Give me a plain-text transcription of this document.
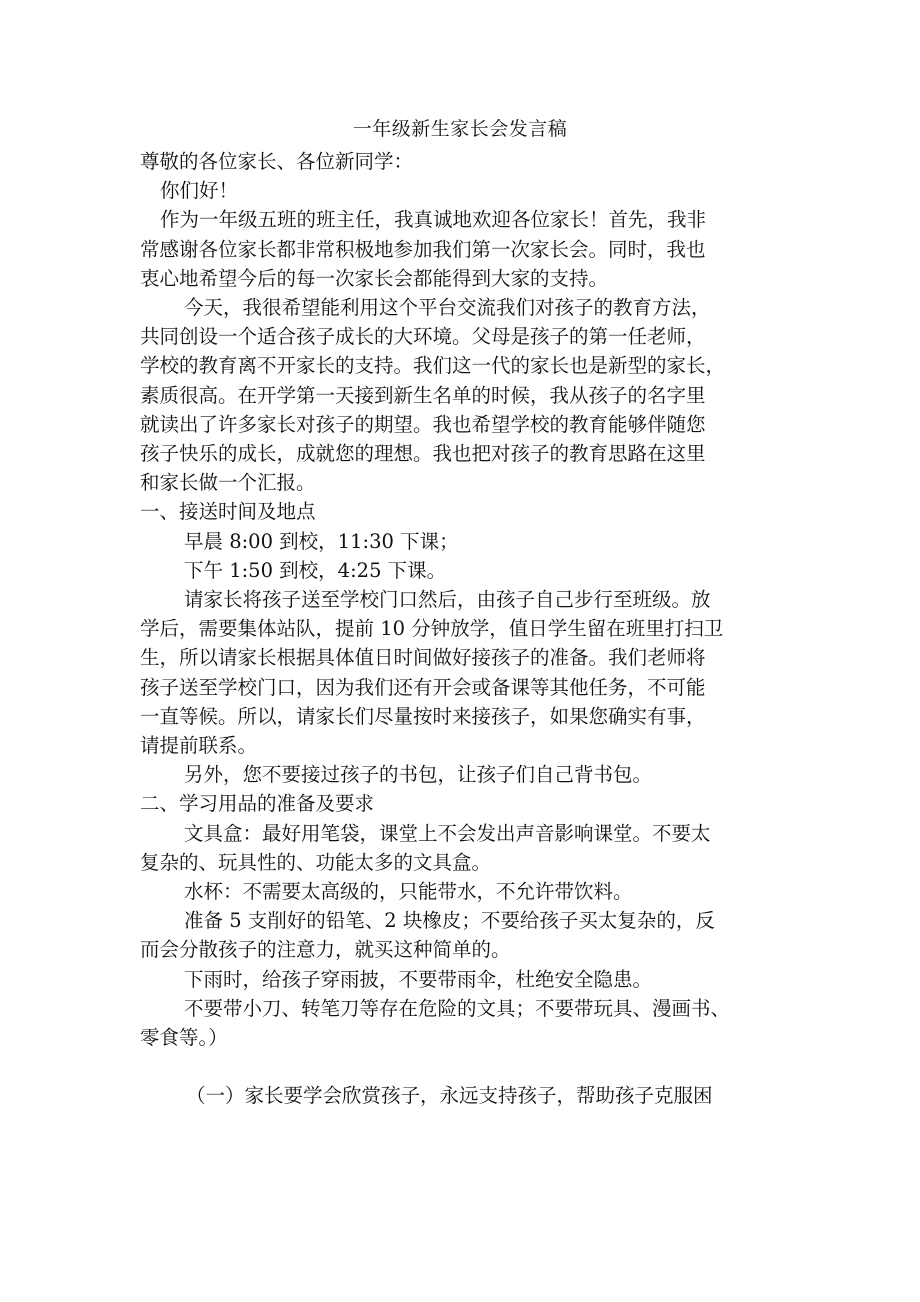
一年级新生家长会发言稿

尊敬的各位家长、各位新同学：

你们好！

作为一年级五班的班主任，我真诚地欢迎各位家长！首先，我非

常感谢各位家长都非常积极地参加我们第一次家长会。同时，我也

衷心地希望今后的每一次家长会都能得到大家的支持。

今天，我很希望能利用这个平台交流我们对孩子的教育方法，

共同创设一个适合孩子成长的大环境。父母是孩子的第一任老师，

学校的教育离不开家长的支持。我们这一代的家长也是新型的家长，

素质很高。在开学第一天接到新生名单的时候，我从孩子的名字里

就读出了许多家长对孩子的期望。我也希望学校的教育能够伴随您

孩子快乐的成长，成就您的理想。我也把对孩子的教育思路在这里

和家长做一个汇报。

一、接送时间及地点

早晨 8:00 到校，11:30 下课；

下午 1:50 到校，4:25 下课。

请家长将孩子送至学校门口然后，由孩子自己步行至班级。放

学后，需要集体站队，提前 10 分钟放学，值日学生留在班里打扫卫

生，所以请家长根据具体值日时间做好接孩子的准备。我们老师将

孩子送至学校门口，因为我们还有开会或备课等其他任务，不可能

一直等候。所以，请家长们尽量按时来接孩子，如果您确实有事，

请提前联系。

另外，您不要接过孩子的书包，让孩子们自己背书包。

二、学习用品的准备及要求

文具盒：最好用笔袋，课堂上不会发出声音影响课堂。不要太

复杂的、玩具性的、功能太多的文具盒。

水杯：不需要太高级的，只能带水，不允许带饮料。

准备 5 支削好的铅笔、2 块橡皮；不要给孩子买太复杂的，反

而会分散孩子的注意力，就买这种简单的。

下雨时，给孩子穿雨披，不要带雨伞，杜绝安全隐患。

不要带小刀、转笔刀等存在危险的文具；不要带玩具、漫画书、

零食等。）

（一）家长要学会欣赏孩子，永远支持孩子，帮助孩子克服困
